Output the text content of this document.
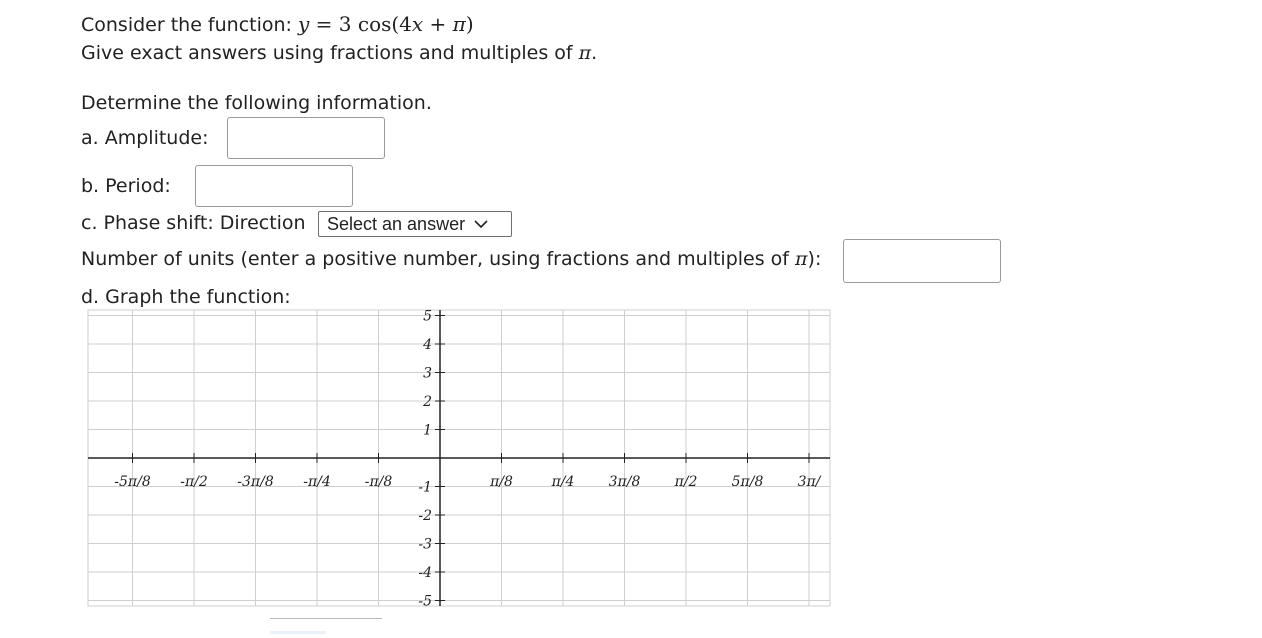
Consider the function: y = 3 cos(4x + π)
Give exact answers using fractions and multiples of π.
Determine the following information.
a. Amplitude:
b. Period:
c. Phase shift: Direction Select an answer
Number of units (enter a positive number, using fractions and multiples of π):
d. Graph the function:
-5π/8 -π/2 -3π/8 -π/4 -π/8	π/8	π/4 3π/8 π/2 5π/8 3π/
5
4
3
2
1
-1
-2
-3
-4
-5
